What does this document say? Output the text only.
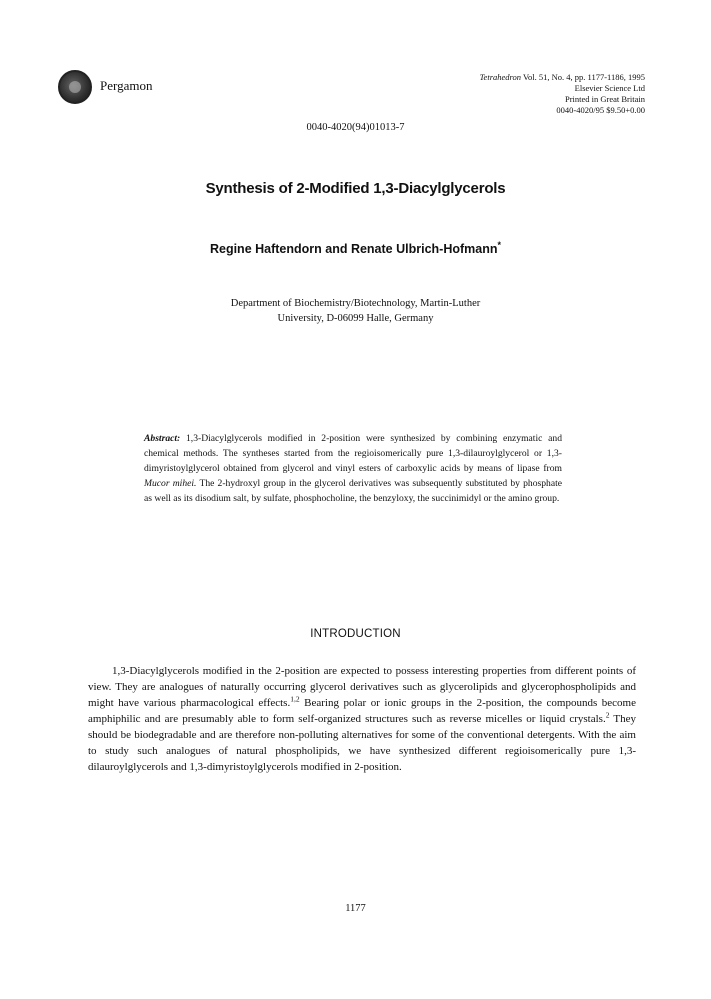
Pergamon
Tetrahedron Vol. 51, No. 4, pp. 1177-1186, 1995
Elsevier Science Ltd
Printed in Great Britain
0040-4020/95 $9.50+0.00
0040-4020(94)01013-7
Synthesis of 2-Modified 1,3-Diacylglycerols
Regine Haftendorn and Renate Ulbrich-Hofmann*
Department of Biochemistry/Biotechnology, Martin-Luther
University, D-06099 Halle, Germany
Abstract: 1,3-Diacylglycerols modified in 2-position were synthesized by combining enzymatic and chemical methods. The syntheses started from the regioisomerically pure 1,3-dilauroylglycerol or 1,3-dimyristoylglycerol obtained from glycerol and vinyl esters of carboxylic acids by means of lipase from Mucor mihei. The 2-hydroxyl group in the glycerol derivatives was subsequently substituted by phosphate as well as its disodium salt, by sulfate, phosphocholine, the benzyloxy, the succinimidyl or the amino group.
INTRODUCTION

1,3-Diacylglycerols modified in the 2-position are expected to possess interesting properties from different points of view. They are analogues of naturally occurring glycerol derivatives such as glycerolipids and glycerophospholipids and might have various pharmacological effects.$^{1,2}$ Bearing polar or ionic groups in the 2-position, the compounds become amphiphilic and are presumably able to form self-organized structures such as reverse micelles or liquid crystals.$^2$ They should be biodegradable and are therefore non-polluting alternatives for some of the conventional detergents. With the aim to study such analogues of natural phospholipids, we have synthesized different regioisomerically pure 1,3-dilauroylglycerols and 1,3-dimyristoylglycerols modified in 2-position.

1177
